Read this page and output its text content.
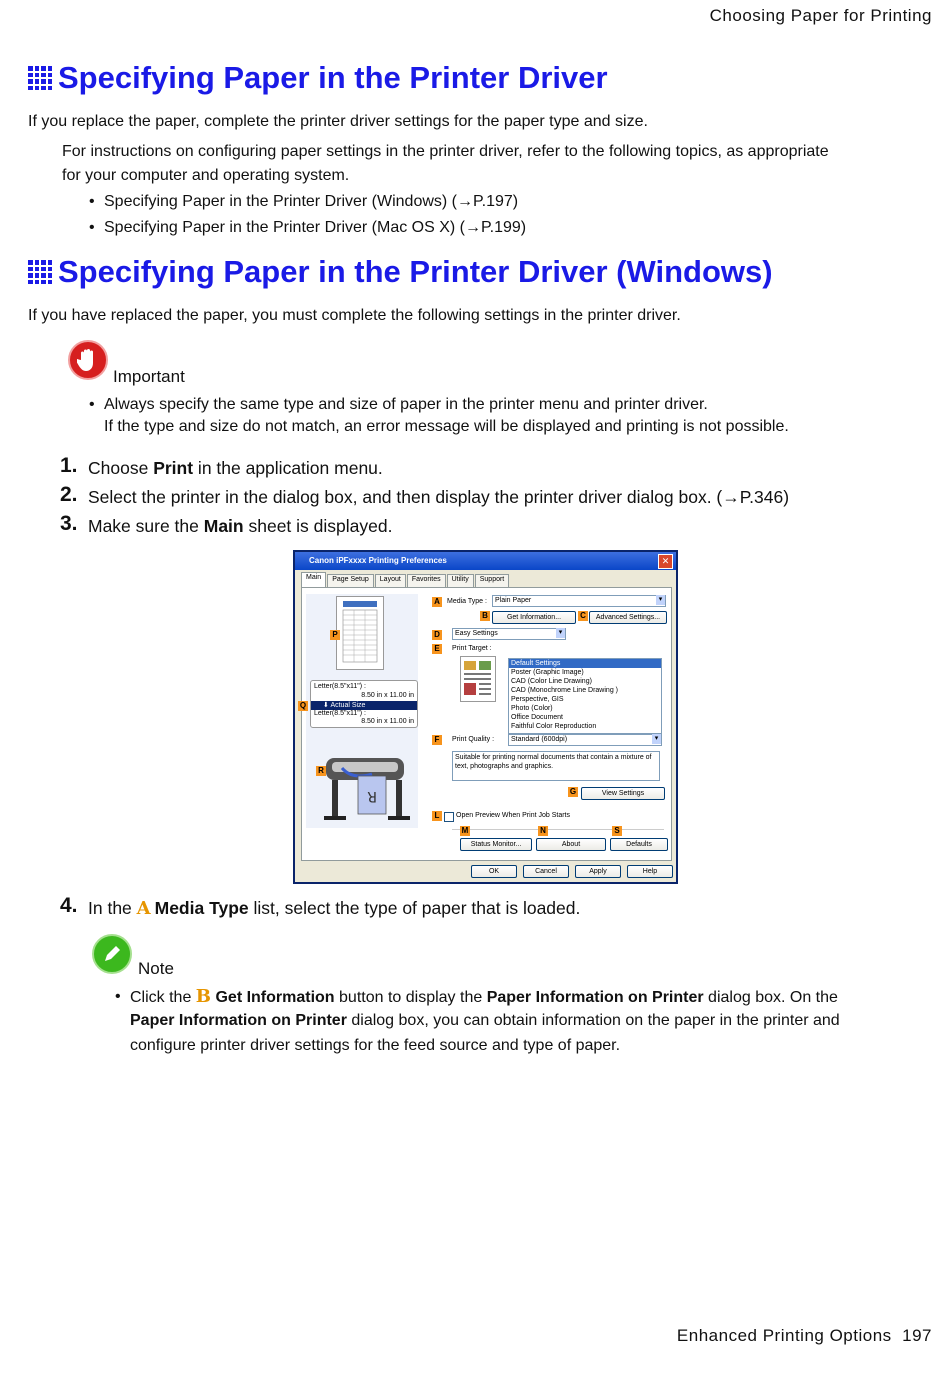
Choosing Paper for Printing
Specifying Paper in the Printer Driver
If you replace the paper, complete the printer driver settings for the paper type and size.
For instructions on configuring paper settings in the printer driver, refer to the following topics, as appropriate
for your computer and operating system.
• Specifying Paper in the Printer Driver (Windows) (→P.197)
• Specifying Paper in the Printer Driver (Mac OS X) (→P.199)
Specifying Paper in the Printer Driver (Windows)
If you have replaced the paper, you must complete the following settings in the printer driver.
Important
• Always specify the same type and size of paper in the printer menu and printer driver.
If the type and size do not match, an error message will be displayed and printing is not possible.
1. Choose Print in the application menu.
2. Select the printer in the dialog box, and then display the printer driver dialog box. (→P.346)
3. Make sure the Main sheet is displayed.
Canon iPFxxxx Printing Preferences	✕
Main	Page Setup	Layout	Favorites	Utility	Support
Letter(8.5"x11") :
8.50 in x 11.00 in
⬇ Actual Size
Letter(8.5"x11") :
8.50 in x 11.00 in
R
P
Q
R
A	Media Type :	Plain Paper ▾
B	Get Information...	C	Advanced Settings...
D	Easy Settings ▾
E	Print Target :
Default Settings
Poster (Graphic Image)
CAD (Color Line Drawing)
CAD (Monochrome Line Drawing )
Perspective, GIS
Photo (Color)
Office Document
Faithful Color Reproduction
F	Print Quality :	Standard (600dpi) ▾
Suitable for printing normal documents that contain a mixture of text, photographs and graphics.
G	View Settings
L	Open Preview When Print Job Starts
M	N	S
Status Monitor...	About	Defaults
OK	Cancel	Apply	Help
4. In the A Media Type list, select the type of paper that is loaded.
Note
• Click the B Get Information button to display the Paper Information on Printer dialog box. On the
Paper Information on Printer dialog box, you can obtain information on the paper in the printer and
configure printer driver settings for the feed source and type of paper.
Enhanced Printing Options 197
